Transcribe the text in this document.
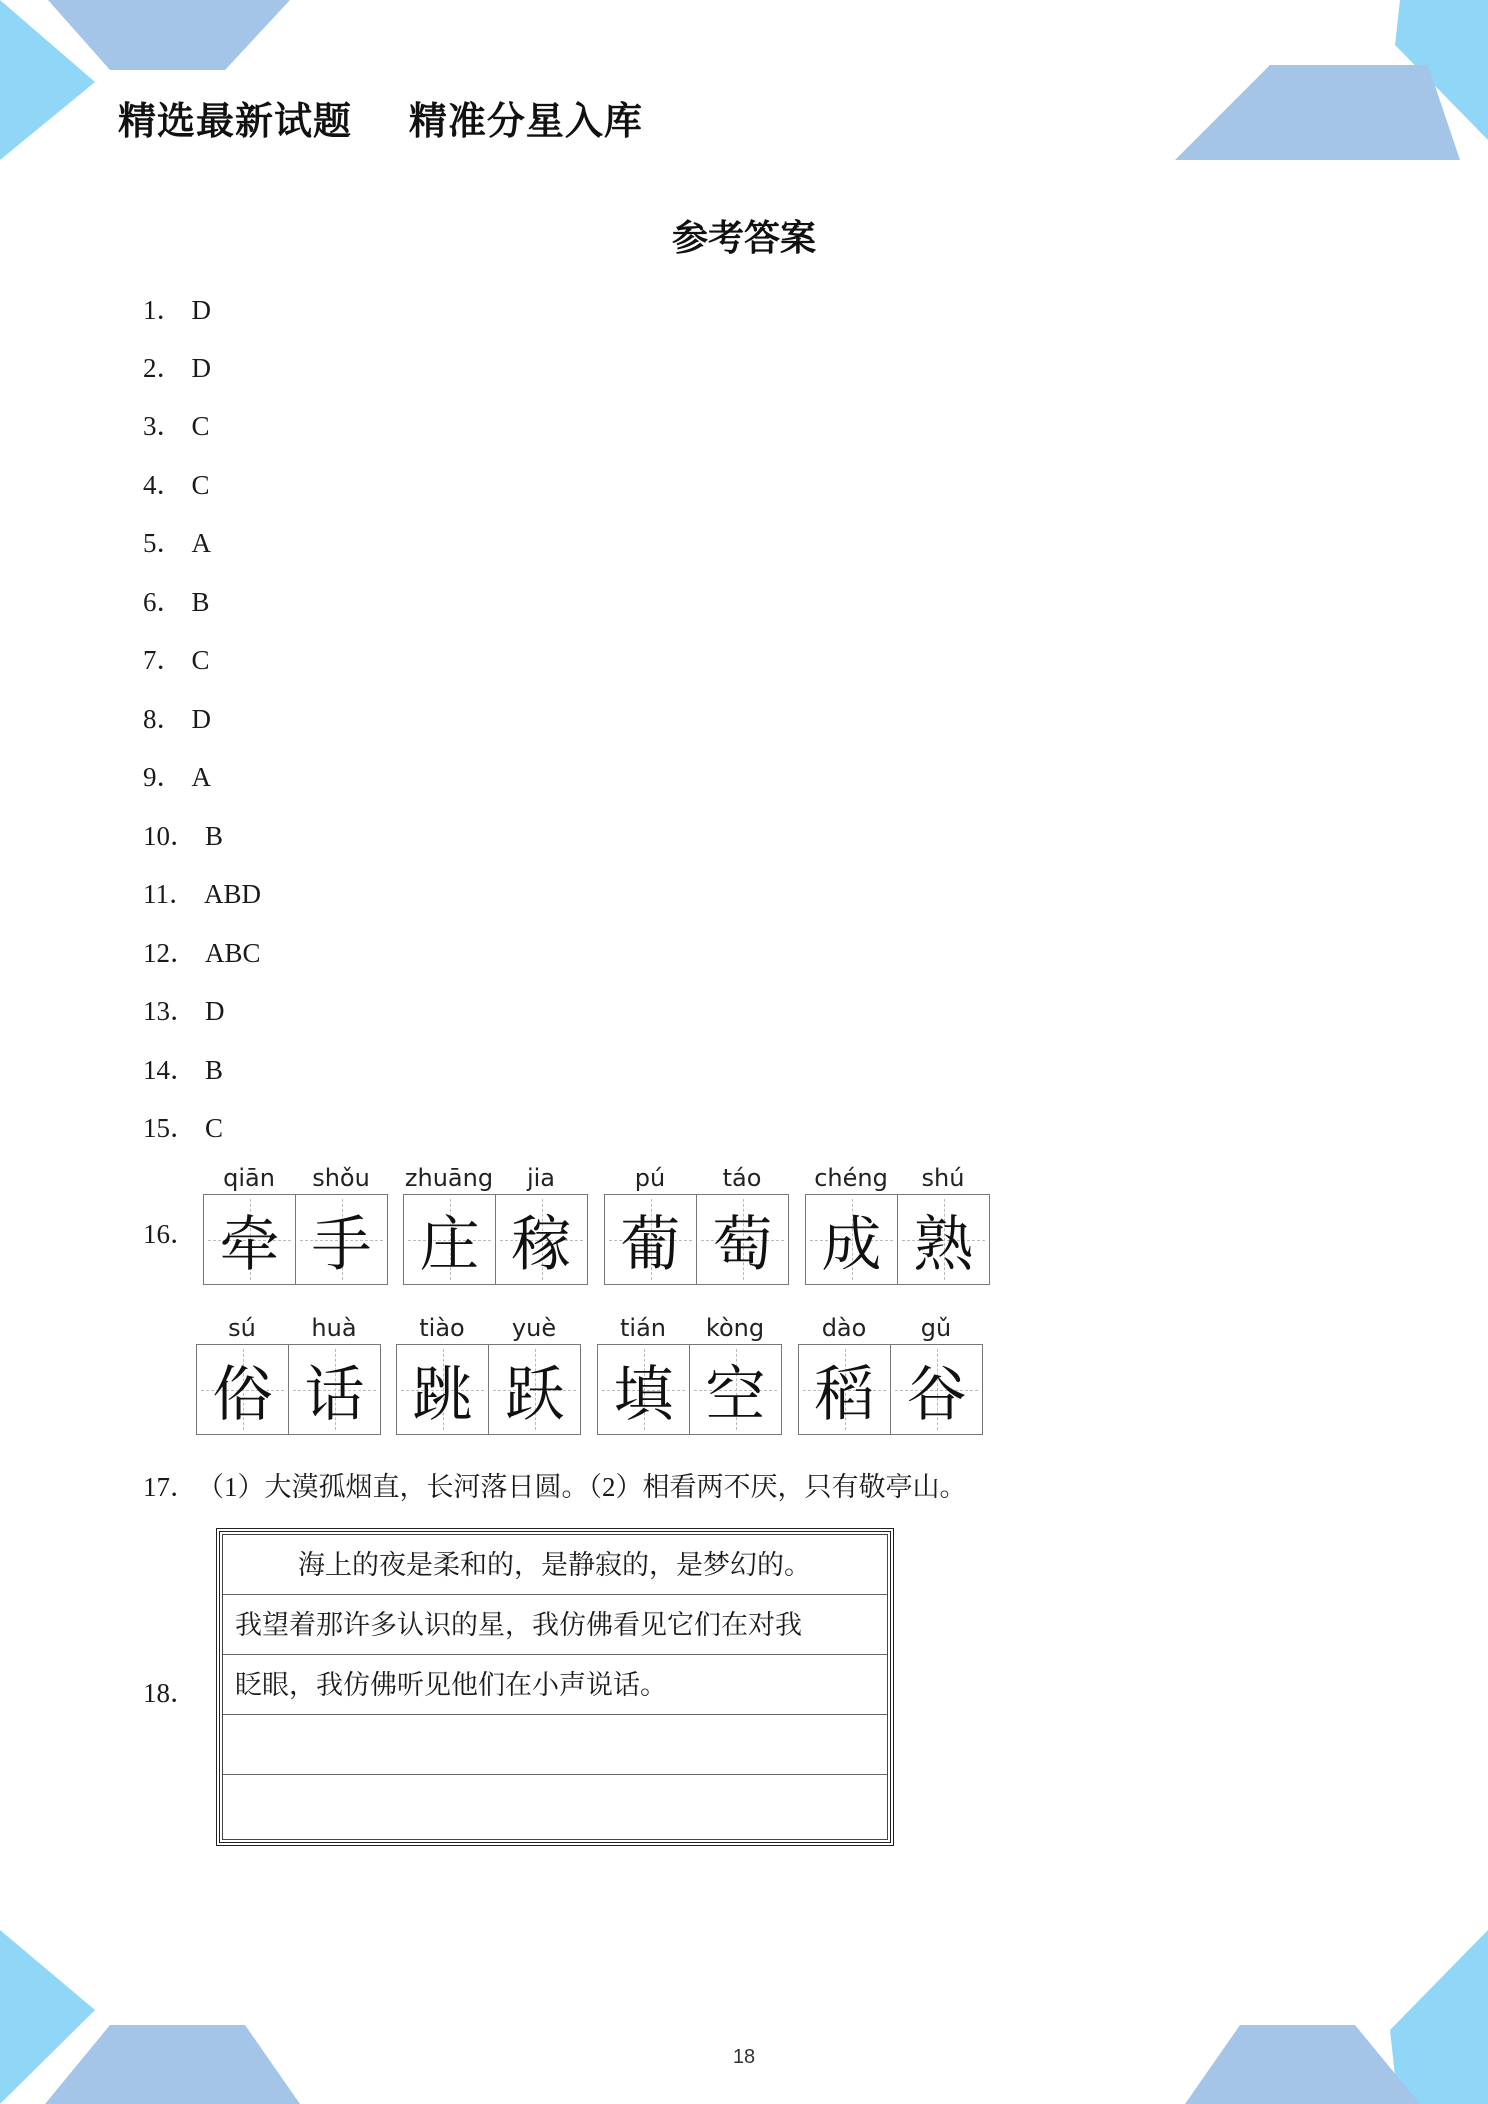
精选最新试题    精准分星入库
参考答案
1． D
2． D
3． C
4． C
5． A
6． B
7． C
8． D
9． A
10． B
11． ABD
12． ABC
13． D
14． B
15． C
16．
17．（1）大漠孤烟直，长河落日圆。（2）相看两不厌，只有敬亭山。
18．
qiān	shǒu
牵 手
zhuāng	jia
庄 稼
pú	táo
葡 萄
chéng	shú
成 熟
sú	huà
俗 话
tiào	yuè
跳 跃
tián	kòng
填 空
dào	gǔ
稻 谷
海上的夜是柔和的，是静寂的，是梦幻的。
我望着那许多认识的星，我仿佛看见它们在对我
眨眼，我仿佛听见他们在小声说话。
18
